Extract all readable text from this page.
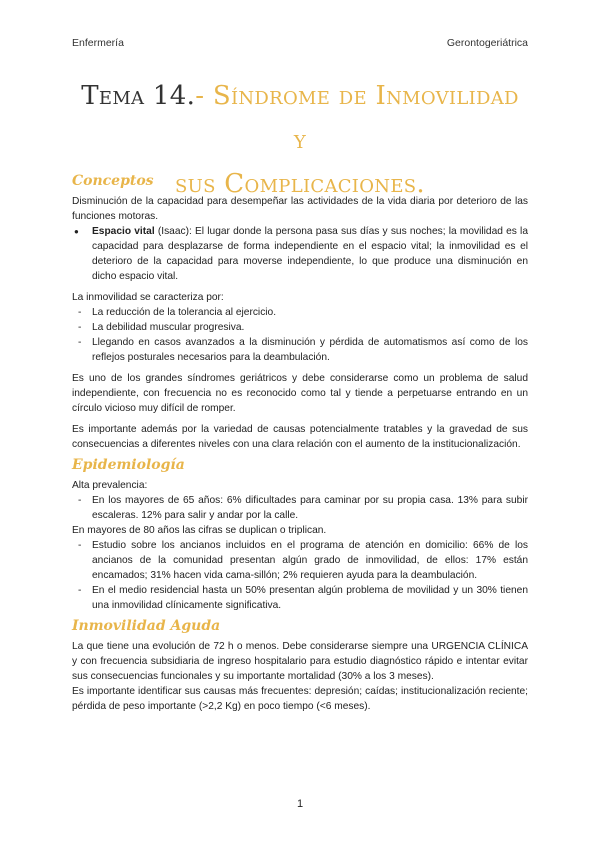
Enfermería	Gerontogeriátrica
Tema 14.- Síndrome de Inmovilidad y
sus Complicaciones.
Conceptos

Disminución de la capacidad para desempeñar las actividades de la vida diaria por deterioro de las funciones motoras.

● Espacio vital (Isaac): El lugar donde la persona pasa sus días y sus noches; la movilidad es la capacidad para desplazarse de forma independiente en el espacio vital; la inmovilidad es el deterioro de la capacidad para moverse independiente, lo que produce una disminución en dicho espacio vital.

La inmovilidad se caracteriza por:

- La reducción de la tolerancia al ejercicio.
- La debilidad muscular progresiva.
- Llegando en casos avanzados a la disminución y pérdida de automatismos así como de los reflejos posturales necesarios para la deambulación.

Es uno de los grandes síndromes geriátricos y debe considerarse como un problema de salud independiente, con frecuencia no es reconocido como tal y tiende a perpetuarse entrando en un círculo vicioso muy difícil de romper.

Es importante además por la variedad de causas potencialmente tratables y la gravedad de sus consecuencias a diferentes niveles con una clara relación con el aumento de la institucionalización.

Epidemiología

Alta prevalencia:

- En los mayores de 65 años: 6% dificultades para caminar por su propia casa. 13% para subir escaleras. 12% para salir y andar por la calle.

En mayores de 80 años las cifras se duplican o triplican.

- Estudio sobre los ancianos incluidos en el programa de atención en domicilio: 66% de los ancianos de la comunidad presentan algún grado de inmovilidad, de ellos: 17% están encamados; 31% hacen vida cama-sillón; 2% requieren ayuda para la deambulación.
- En el medio residencial hasta un 50% presentan algún problema de movilidad y un 30% tienen una inmovilidad clínicamente significativa.
Inmovilidad Aguda

La que tiene una evolución de 72 h o menos. Debe considerarse siempre una URGENCIA CLÍNICA y con frecuencia subsidiaria de ingreso hospitalario para estudio diagnóstico rápido e intentar evitar sus consecuencias funcionales y su importante mortalidad (30% a los 3 meses).

Es importante identificar sus causas más frecuentes: depresión; caídas; institucionalización reciente; pérdida de peso importante (>2,2 Kg) en poco tiempo (<6 meses).

1
